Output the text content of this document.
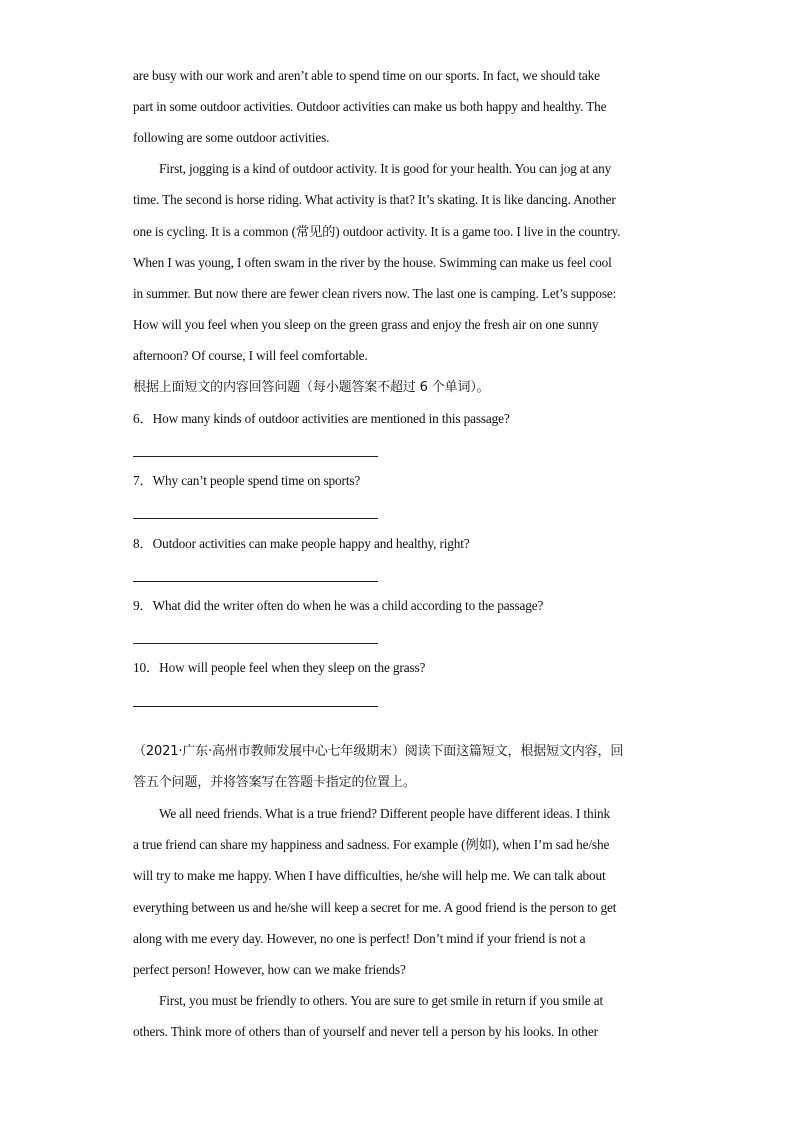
are busy with our work and aren’t able to spend time on our sports. In fact, we should take
part in some outdoor activities. Outdoor activities can make us both happy and healthy. The
following are some outdoor activities.
First, jogging is a kind of outdoor activity. It is good for your health. You can jog at any
time. The second is horse riding. What activity is that? It’s skating. It is like dancing. Another
one is cycling. It is a common (常见的) outdoor activity. It is a game too. I live in the country.
When I was young, I often swam in the river by the house. Swimming can make us feel cool
in summer. But now there are fewer clean rivers now. The last one is camping. Let’s suppose:
How will you feel when you sleep on the green grass and enjoy the fresh air on one sunny
afternoon? Of course, I will feel comfortable.
根据上面短文的内容回答问题（每小题答案不超过 6 个单词）。
6．How many kinds of outdoor activities are mentioned in this passage?
7．Why can’t people spend time on sports?
8．Outdoor activities can make people happy and healthy, right?
9．What did the writer often do when he was a child according to the passage?
10．How will people feel when they sleep on the grass?
（2021·广东·高州市教师发展中心七年级期末）阅读下面这篇短文，根据短文内容，回
答五个问题，并将答案写在答题卡指定的位置上。
We all need friends. What is a true friend? Different people have different ideas. I think
a true friend can share my happiness and sadness. For example (例如), when I’m sad he/she
will try to make me happy. When I have difficulties, he/she will help me. We can talk about
everything between us and he/she will keep a secret for me. A good friend is the person to get
along with me every day. However, no one is perfect! Don’t mind if your friend is not a
perfect person! However, how can we make friends?
First, you must be friendly to others. You are sure to get smile in return if you smile at
others. Think more of others than of yourself and never tell a person by his looks. In other
